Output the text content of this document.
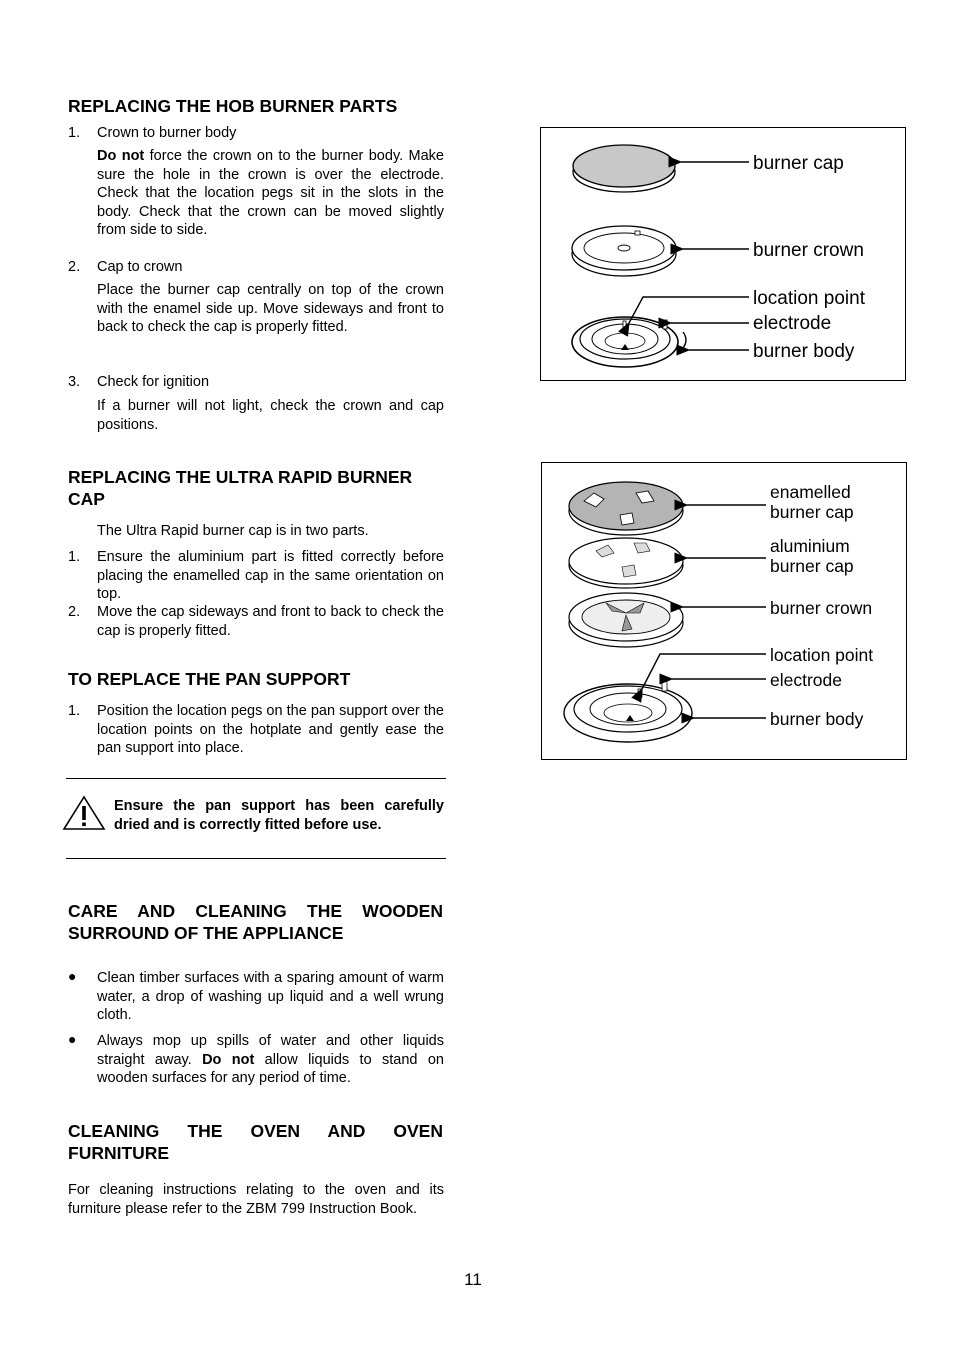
REPLACING THE HOB BURNER PARTS
1. Crown to burner body
Do not force the crown on to the burner body. Make sure the hole in the crown is over the electrode. Check that the location pegs sit in the slots in the body. Check that the crown can be moved slightly from side to side.
2. Cap to crown
Place the burner cap centrally on top of the crown with the enamel side up. Move sideways and front to back to check the cap is properly fitted.
3. Check for ignition
If a burner will not light, check the crown and cap positions.
REPLACING THE ULTRA RAPID BURNER CAP
The Ultra Rapid burner cap is in two parts.
1. Ensure the aluminium part is fitted correctly before placing the enamelled cap in the same orientation on top.
2. Move the cap sideways and front to back to check the cap is properly fitted.
TO REPLACE THE PAN SUPPORT
1. Position the location pegs on the pan support over the location points on the hotplate and gently ease the pan support into place.
Ensure the pan support has been carefully dried and is correctly fitted before use.
CARE AND CLEANING THE WOODEN SURROUND OF THE APPLIANCE
● Clean timber surfaces with a sparing amount of warm water, a drop of washing up liquid and a well wrung cloth.
● Always mop up spills of water and other liquids straight away. Do not allow liquids to stand on wooden surfaces for any period of time.
CLEANING THE OVEN AND OVEN FURNITURE
For cleaning instructions relating to the oven and its furniture please refer to the ZBM 799 Instruction Book.
burner cap
burner crown
location point
electrode
burner body
enamelled
burner cap
aluminium
burner cap
burner crown
location point
electrode
burner body
11
